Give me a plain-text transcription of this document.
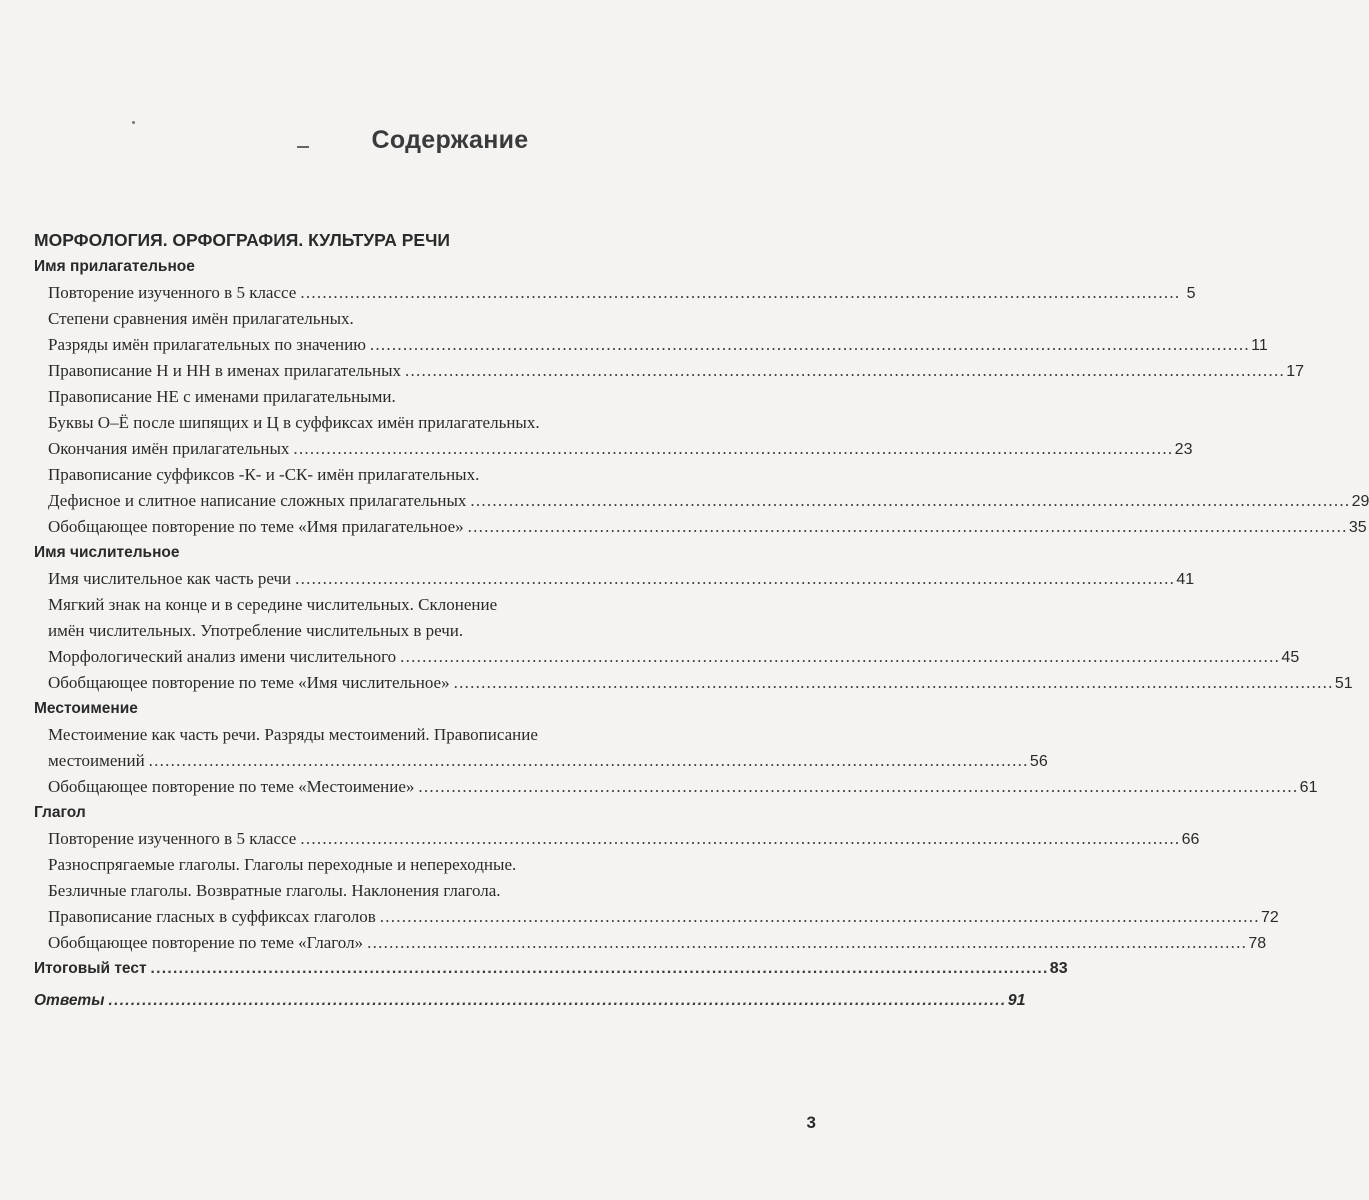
Содержание
МОРФОЛОГИЯ. ОРФОГРАФИЯ. КУЛЬТУРА РЕЧИ
Имя прилагательное
Повторение изученного в 5 классе . . .	5
Степени сравнения имён прилагательных.
Разряды имён прилагательных по значению . . .	11
Правописание Н и НН в именах прилагательных . . .	17
Правописание НЕ с именами прилагательными.
Буквы О–Ё после шипящих и Ц в суффиксах имён прилагательных.
Окончания имён прилагательных . . .	23
Правописание суффиксов -К- и -СК- имён прилагательных.
Дефисное и слитное написание сложных прилагательных . . .	29
Обобщающее повторение по теме «Имя прилагательное» . . .	35
Имя числительное
Имя числительное как часть речи . . .	41
Мягкий знак на конце и в середине числительных. Склонение
имён числительных. Употребление числительных в речи.
Морфологический анализ имени числительного . . .	45
Обобщающее повторение по теме «Имя числительное» . . .	51
Местоимение
Местоимение как часть речи. Разряды местоимений. Правописание
местоимений . . .	56
Обобщающее повторение по теме «Местоимение» . . .	61
Глагол
Повторение изученного в 5 классе . . .	66
Разноспрягаемые глаголы. Глаголы переходные и непереходные.
Безличные глаголы. Возвратные глаголы. Наклонения глагола.
Правописание гласных в суффиксах глаголов . . .	72
Обобщающее повторение по теме «Глагол» . . .	78
Итоговый тест . . .	83
Ответы . . .	91
3
